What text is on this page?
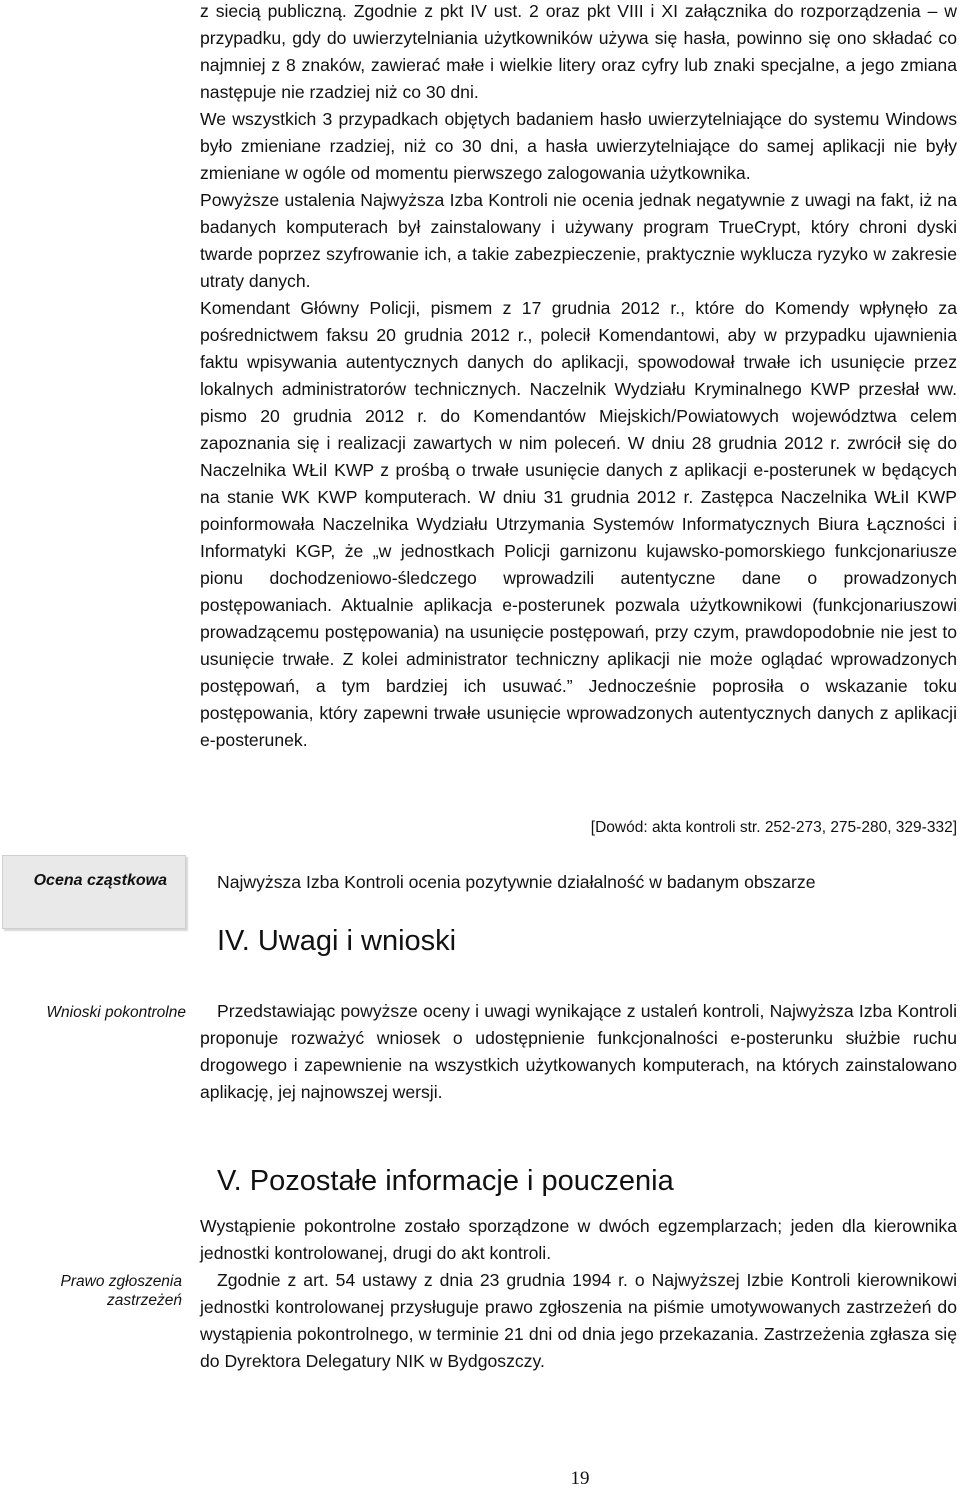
z siecią publiczną. Zgodnie z pkt IV ust. 2 oraz pkt VIII i XI załącznika do rozporządzenia – w przypadku, gdy do uwierzytelniania użytkowników używa się hasła, powinno się ono składać co najmniej z 8 znaków, zawierać małe i wielkie litery oraz cyfry lub znaki specjalne, a jego zmiana następuje nie rzadziej niż co 30 dni.

We wszystkich 3 przypadkach objętych badaniem hasło uwierzytelniające do systemu Windows było zmieniane rzadziej, niż co 30 dni, a hasła uwierzytelniające do samej aplikacji nie były zmieniane w ogóle od momentu pierwszego zalogowania użytkownika.

Powyższe ustalenia Najwyższa Izba Kontroli nie ocenia jednak negatywnie z uwagi na fakt, iż na badanych komputerach był zainstalowany i używany program TrueCrypt, który chroni dyski twarde poprzez szyfrowanie ich, a takie zabezpieczenie, praktycznie wyklucza ryzyko w zakresie utraty danych.

Komendant Główny Policji, pismem z 17 grudnia 2012 r., które do Komendy wpłynęło za pośrednictwem faksu 20 grudnia 2012 r., polecił Komendantowi, aby w przypadku ujawnienia faktu wpisywania autentycznych danych do aplikacji, spowodował trwałe ich usunięcie przez lokalnych administratorów technicznych. Naczelnik Wydziału Kryminalnego KWP przesłał ww. pismo 20 grudnia 2012 r. do Komendantów Miejskich/Powiatowych województwa celem zapoznania się i realizacji zawartych w nim poleceń. W dniu 28 grudnia 2012 r. zwrócił się do Naczelnika WŁiI KWP z prośbą o trwałe usunięcie danych z aplikacji e-posterunek w będących na stanie WK KWP komputerach. W dniu 31 grudnia 2012 r. Zastępca Naczelnika WŁiI KWP poinformowała Naczelnika Wydziału Utrzymania Systemów Informatycznych Biura Łączności i Informatyki KGP, że „w jednostkach Policji garnizonu kujawsko-pomorskiego funkcjonariusze pionu dochodzeniowo-śledczego wprowadzili autentyczne dane o prowadzonych postępowaniach. Aktualnie aplikacja e-posterunek pozwala użytkownikowi (funkcjonariuszowi prowadzącemu postępowania) na usunięcie postępowań, przy czym, prawdopodobnie nie jest to usunięcie trwałe. Z kolei administrator techniczny aplikacji nie może oglądać wprowadzonych postępowań, a tym bardziej ich usuwać.” Jednocześnie poprosiła o wskazanie toku postępowania, który zapewni trwałe usunięcie wprowadzonych autentycznych danych z aplikacji e-posterunek.

[Dowód: akta kontroli str. 252-273, 275-280, 329-332]
Ocena cząstkowa	Najwyższa Izba Kontroli ocenia pozytywnie działalność w badanym obszarze
IV. Uwagi i wnioski
Wnioski pokontrolne	Przedstawiając powyższe oceny i uwagi wynikające z ustaleń kontroli, Najwyższa Izba Kontroli proponuje rozważyć wniosek o udostępnienie funkcjonalności e-posterunku służbie ruchu drogowego i zapewnienie na wszystkich użytkowanych komputerach, na których zainstalowano aplikację, jej najnowszej wersji.

V. Pozostałe informacje i pouczenia
Prawo zgłoszenia zastrzeżeń

Wystąpienie pokontrolne zostało sporządzone w dwóch egzemplarzach; jeden dla kierownika jednostki kontrolowanej, drugi do akt kontroli.

Zgodnie z art. 54 ustawy z dnia 23 grudnia 1994 r. o Najwyższej Izbie Kontroli kierownikowi jednostki kontrolowanej przysługuje prawo zgłoszenia na piśmie umotywowanych zastrzeżeń do wystąpienia pokontrolnego, w terminie 21 dni od dnia jego przekazania. Zastrzeżenia zgłasza się do Dyrektora Delegatury NIK w Bydgoszczy.

19
